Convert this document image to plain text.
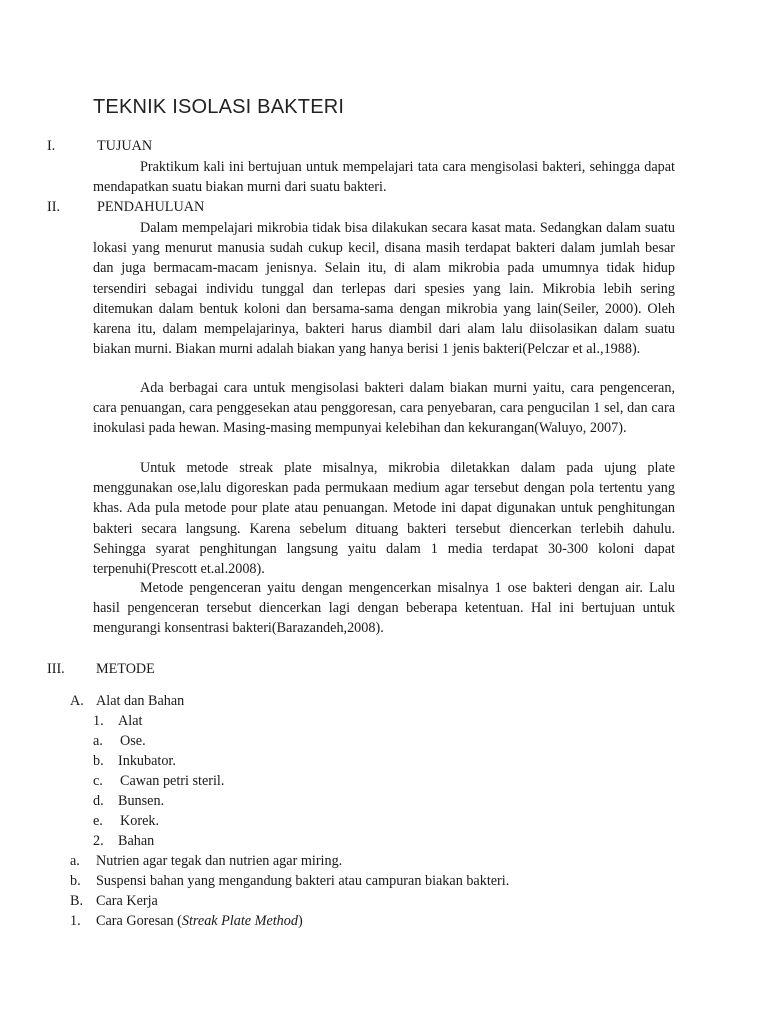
TEKNIK ISOLASI BAKTERI
I.	TUJUAN
Praktikum kali ini bertujuan untuk mempelajari tata cara mengisolasi bakteri, sehingga dapat mendapatkan suatu biakan murni dari suatu bakteri.
II.	PENDAHULUAN
Dalam mempelajari mikrobia tidak bisa dilakukan secara kasat mata. Sedangkan dalam suatu lokasi yang menurut manusia sudah cukup kecil, disana masih terdapat bakteri dalam jumlah besar dan juga bermacam-macam jenisnya. Selain itu, di alam mikrobia pada umumnya tidak hidup tersendiri sebagai individu tunggal dan terlepas dari spesies yang lain. Mikrobia lebih sering ditemukan dalam bentuk koloni dan bersama-sama dengan mikrobia yang lain(Seiler, 2000). Oleh karena itu, dalam mempelajarinya, bakteri harus diambil dari alam lalu diisolasikan dalam suatu biakan murni. Biakan murni adalah biakan yang hanya berisi 1 jenis bakteri(Pelczar et al.,1988).
Ada berbagai cara untuk mengisolasi bakteri dalam biakan murni yaitu, cara pengenceran, cara penuangan, cara penggesekan atau penggoresan, cara penyebaran, cara pengucilan 1 sel, dan cara inokulasi pada hewan. Masing-masing mempunyai kelebihan dan kekurangan(Waluyo, 2007).
Untuk metode streak plate misalnya, mikrobia diletakkan dalam pada ujung plate menggunakan ose,lalu digoreskan pada permukaan medium agar tersebut dengan pola tertentu yang khas. Ada pula metode pour plate atau penuangan. Metode ini dapat digunakan untuk penghitungan bakteri secara langsung. Karena sebelum dituang bakteri tersebut diencerkan terlebih dahulu. Sehingga syarat penghitungan langsung yaitu dalam 1 media terdapat 30-300 koloni dapat terpenuhi(Prescott et.al.2008).
Metode pengenceran yaitu dengan mengencerkan misalnya 1 ose bakteri dengan air. Lalu hasil pengenceran tersebut diencerkan lagi dengan beberapa ketentuan. Hal ini bertujuan untuk mengurangi konsentrasi bakteri(Barazandeh,2008).
III. METODE
A. Alat dan Bahan
1. Alat
a. Ose.
b. Inkubator.
c. Cawan petri steril.
d. Bunsen.
e. Korek.
2. Bahan
a. Nutrien agar tegak dan nutrien agar miring.
b. Suspensi bahan yang mengandung bakteri atau campuran biakan bakteri.
B. Cara Kerja
1. Cara Goresan (Streak Plate Method)
